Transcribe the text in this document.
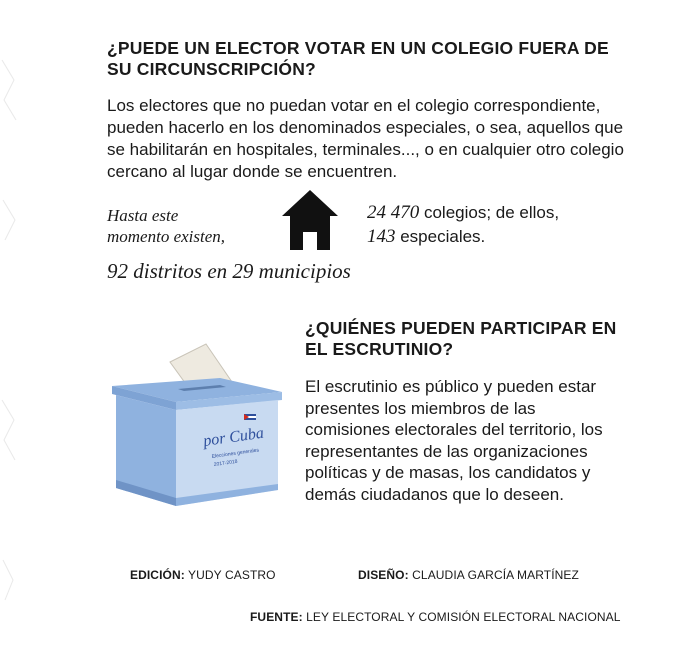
¿PUEDE UN ELECTOR VOTAR EN UN COLEGIO FUERA DE SU CIRCUNSCRIPCIÓN?
Los electores que no puedan votar en el colegio correspondiente, pueden hacerlo en los denominados especiales, o sea, aquellos que se habilitarán en hospitales, terminales..., o en cualquier otro colegio cercano al lugar donde se encuentren.
Hasta este
momento existen,
24 470 colegios; de ellos,
143 especiales.
92 distritos en 29 municipios
por Cuba
Elecciones generales
2017-2018
¿QUIÉNES PUEDEN PARTICIPAR EN EL ESCRUTINIO?
El escrutinio es público y pueden estar presentes los miembros de las comisiones electorales del territorio, los representantes de las organizaciones políticas y de masas, los candidatos y demás ciudadanos que lo deseen.
EDICIÓN: YUDY CASTRO	DISEÑO: CLAUDIA GARCÍA MARTÍNEZ
FUENTE: LEY ELECTORAL Y COMISIÓN ELECTORAL NACIONAL
